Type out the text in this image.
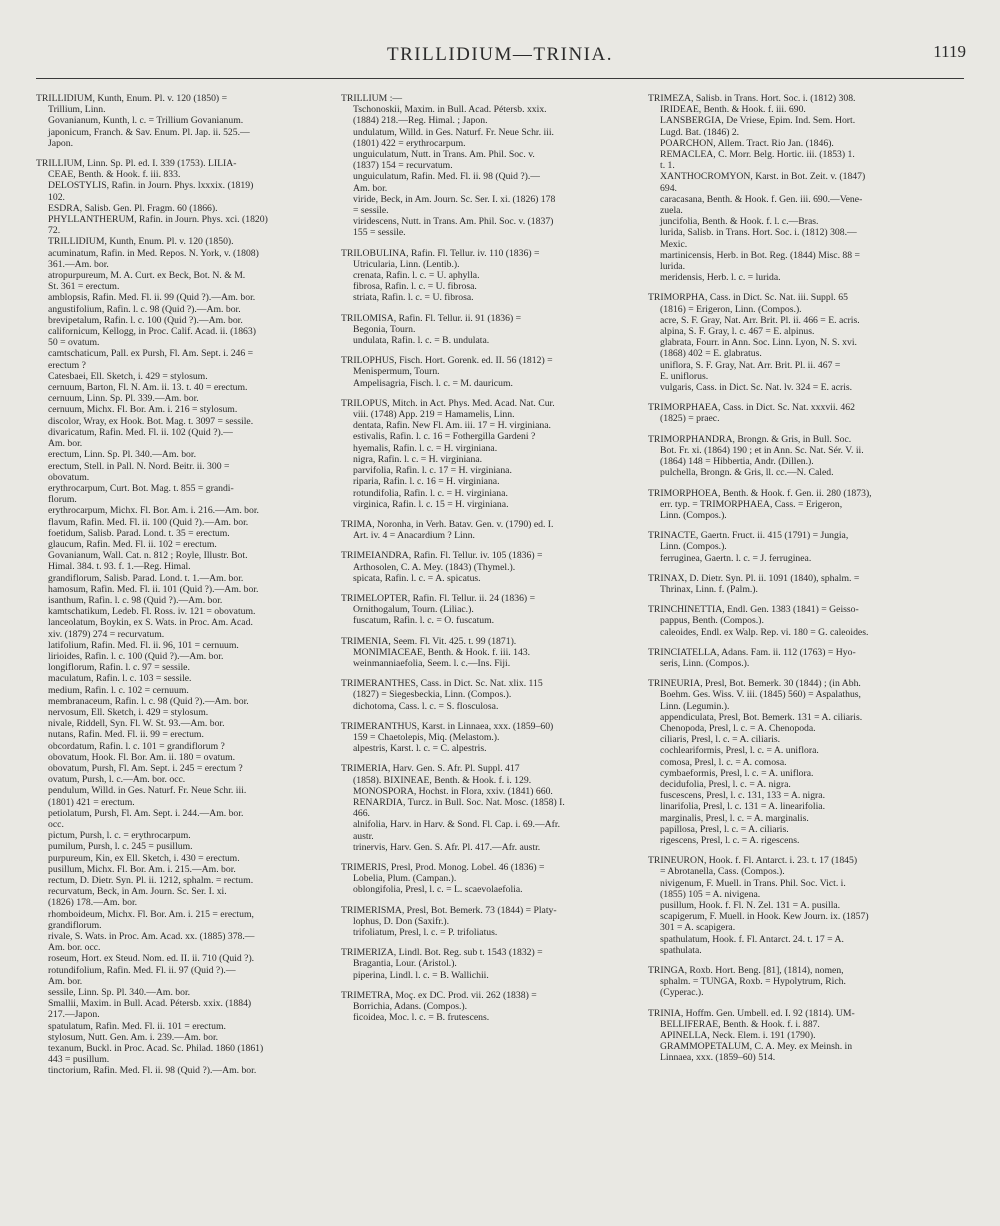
TRILLIDIUM—TRINIA.	1119
TRILLIDIUM, Kunth, Enum. Pl. v. 120 (1850) =
Trillium, Linn.
Govanianum, Kunth, l. c. = Trillium Govanianum.
japonicum, Franch. & Sav. Enum. Pl. Jap. ii. 525.—
Japon.
TRILLIUM, Linn. Sp. Pl. ed. I. 339 (1753). LILIA-
CEAE, Benth. & Hook. f. iii. 833.
DELOSTYLIS, Rafin. in Journ. Phys. lxxxix. (1819)
102.
ESDRA, Salisb. Gen. Pl. Fragm. 60 (1866).
PHYLLANTHERUM, Rafin. in Journ. Phys. xci. (1820)
72.
TRILLIDIUM, Kunth, Enum. Pl. v. 120 (1850).
acuminatum, Rafin. in Med. Repos. N. York, v. (1808)
361.—Am. bor.
atropurpureum, M. A. Curt. ex Beck, Bot. N. & M.
St. 361 = erectum.
amblopsis, Rafin. Med. Fl. ii. 99 (Quid ?).—Am. bor.
angustifolium, Rafin. l. c. 98 (Quid ?).—Am. bor.
brevipetalum, Rafin. l. c. 100 (Quid ?).—Am. bor.
californicum, Kellogg, in Proc. Calif. Acad. ii. (1863)
50 = ovatum.
camtschaticum, Pall. ex Pursh, Fl. Am. Sept. i. 246 =
erectum ?
Catesbaei, Ell. Sketch, i. 429 = stylosum.
cernuum, Barton, Fl. N. Am. ii. 13. t. 40 = erectum.
cernuum, Linn. Sp. Pl. 339.—Am. bor.
cernuum, Michx. Fl. Bor. Am. i. 216 = stylosum.
discolor, Wray, ex Hook. Bot. Mag. t. 3097 = sessile.
divaricatum, Rafin. Med. Fl. ii. 102 (Quid ?).—
Am. bor.
erectum, Linn. Sp. Pl. 340.—Am. bor.
erectum, Stell. in Pall. N. Nord. Beitr. ii. 300 =
obovatum.
erythrocarpum, Curt. Bot. Mag. t. 855 = grandi-
florum.
erythrocarpum, Michx. Fl. Bor. Am. i. 216.—Am. bor.
flavum, Rafin. Med. Fl. ii. 100 (Quid ?).—Am. bor.
foetidum, Salisb. Parad. Lond. t. 35 = erectum.
glaucum, Rafin. Med. Fl. ii. 102 = erectum.
Govanianum, Wall. Cat. n. 812 ; Royle, Illustr. Bot.
Himal. 384. t. 93. f. 1.—Reg. Himal.
grandiflorum, Salisb. Parad. Lond. t. 1.—Am. bor.
hamosum, Rafin. Med. Fl. ii. 101 (Quid ?).—Am. bor.
isanthum, Rafin. l. c. 98 (Quid ?).—Am. bor.
kamtschatikum, Ledeb. Fl. Ross. iv. 121 = obovatum.
lanceolatum, Boykin, ex S. Wats. in Proc. Am. Acad.
xiv. (1879) 274 = recurvatum.
latifolium, Rafin. Med. Fl. ii. 96, 101 = cernuum.
lirioides, Rafin. l. c. 100 (Quid ?).—Am. bor.
longiflorum, Rafin. l. c. 97 = sessile.
maculatum, Rafin. l. c. 103 = sessile.
medium, Rafin. l. c. 102 = cernuum.
membranaceum, Rafin. l. c. 98 (Quid ?).—Am. bor.
nervosum, Ell. Sketch, i. 429 = stylosum.
nivale, Riddell, Syn. Fl. W. St. 93.—Am. bor.
nutans, Rafin. Med. Fl. ii. 99 = erectum.
obcordatum, Rafin. l. c. 101 = grandiflorum ?
obovatum, Hook. Fl. Bor. Am. ii. 180 = ovatum.
obovatum, Pursh, Fl. Am. Sept. i. 245 = erectum ?
ovatum, Pursh, l. c.—Am. bor. occ.
pendulum, Willd. in Ges. Naturf. Fr. Neue Schr. iii.
(1801) 421 = erectum.
petiolatum, Pursh, Fl. Am. Sept. i. 244.—Am. bor.
occ.
pictum, Pursh, l. c. = erythrocarpum.
pumilum, Pursh, l. c. 245 = pusillum.
purpureum, Kin, ex Ell. Sketch, i. 430 = erectum.
pusillum, Michx. Fl. Bor. Am. i. 215.—Am. bor.
rectum, D. Dietr. Syn. Pl. ii. 1212, sphalm. = rectum.
recurvatum, Beck, in Am. Journ. Sc. Ser. I. xi.
(1826) 178.—Am. bor.
rhomboideum, Michx. Fl. Bor. Am. i. 215 = erectum,
grandiflorum.
rivale, S. Wats. in Proc. Am. Acad. xx. (1885) 378.—
Am. bor. occ.
roseum, Hort. ex Steud. Nom. ed. II. ii. 710 (Quid ?).
rotundifolium, Rafin. Med. Fl. ii. 97 (Quid ?).—
Am. bor.
sessile, Linn. Sp. Pl. 340.—Am. bor.
Smallii, Maxim. in Bull. Acad. Pétersb. xxix. (1884)
217.—Japon.
spatulatum, Rafin. Med. Fl. ii. 101 = erectum.
stylosum, Nutt. Gen. Am. i. 239.—Am. bor.
texanum, Buckl. in Proc. Acad. Sc. Philad. 1860 (1861)
443 = pusillum.
tinctorium, Rafin. Med. Fl. ii. 98 (Quid ?).—Am. bor.
TRILLIUM :—
Tschonoskii, Maxim. in Bull. Acad. Pétersb. xxix.
(1884) 218.—Reg. Himal. ; Japon.
undulatum, Willd. in Ges. Naturf. Fr. Neue Schr. iii.
(1801) 422 = erythrocarpum.
unguiculatum, Nutt. in Trans. Am. Phil. Soc. v.
(1837) 154 = recurvatum.
unguiculatum, Rafin. Med. Fl. ii. 98 (Quid ?).—
Am. bor.
viride, Beck, in Am. Journ. Sc. Ser. I. xi. (1826) 178
= sessile.
viridescens, Nutt. in Trans. Am. Phil. Soc. v. (1837)
155 = sessile.
TRILOBULINA, Rafin. Fl. Tellur. iv. 110 (1836) =
Utricularia, Linn. (Lentib.).
crenata, Rafin. l. c. = U. aphylla.
fibrosa, Rafin. l. c. = U. fibrosa.
striata, Rafin. l. c. = U. fibrosa.
TRILOMISA, Rafin. Fl. Tellur. ii. 91 (1836) =
Begonia, Tourn.
undulata, Rafin. l. c. = B. undulata.
TRILOPHUS, Fisch. Hort. Gorenk. ed. II. 56 (1812) =
Menispermum, Tourn.
Ampelisagria, Fisch. l. c. = M. dauricum.
TRILOPUS, Mitch. in Act. Phys. Med. Acad. Nat. Cur.
viii. (1748) App. 219 = Hamamelis, Linn.
dentata, Rafin. New Fl. Am. iii. 17 = H. virginiana.
estivalis, Rafin. l. c. 16 = Fothergilla Gardeni ?
hyemalis, Rafin. l. c. = H. virginiana.
nigra, Rafin. l. c. = H. virginiana.
parvifolia, Rafin. l. c. 17 = H. virginiana.
riparia, Rafin. l. c. 16 = H. virginiana.
rotundifolia, Rafin. l. c. = H. virginiana.
virginica, Rafin. l. c. 15 = H. virginiana.
TRIMA, Noronha, in Verh. Batav. Gen. v. (1790) ed. I.
Art. iv. 4 = Anacardium ? Linn.
TRIMEIANDRA, Rafin. Fl. Tellur. iv. 105 (1836) =
Arthosolen, C. A. Mey. (1843) (Thymel.).
spicata, Rafin. l. c. = A. spicatus.
TRIMELOPTER, Rafin. Fl. Tellur. ii. 24 (1836) =
Ornithogalum, Tourn. (Liliac.).
fuscatum, Rafin. l. c. = O. fuscatum.
TRIMENIA, Seem. Fl. Vit. 425. t. 99 (1871).
MONIMIACEAE, Benth. & Hook. f. iii. 143.
weinmanniaefolia, Seem. l. c.—Ins. Fiji.
TRIMERANTHES, Cass. in Dict. Sc. Nat. xlix. 115
(1827) = Siegesbeckia, Linn. (Compos.).
dichotoma, Cass. l. c. = S. flosculosa.
TRIMERANTHUS, Karst. in Linnaea, xxx. (1859–60)
159 = Chaetolepis, Miq. (Melastom.).
alpestris, Karst. l. c. = C. alpestris.
TRIMERIA, Harv. Gen. S. Afr. Pl. Suppl. 417
(1858). BIXINEAE, Benth. & Hook. f. i. 129.
MONOSPORA, Hochst. in Flora, xxiv. (1841) 660.
RENARDIA, Turcz. in Bull. Soc. Nat. Mosc. (1858) I.
466.
alnifolia, Harv. in Harv. & Sond. Fl. Cap. i. 69.—Afr.
austr.
trinervis, Harv. Gen. S. Afr. Pl. 417.—Afr. austr.
TRIMERIS, Presl, Prod. Monog. Lobel. 46 (1836) =
Lobelia, Plum. (Campan.).
oblongifolia, Presl, l. c. = L. scaevolaefolia.
TRIMERISMA, Presl, Bot. Bemerk. 73 (1844) = Platy-
lophus, D. Don (Saxifr.).
trifoliatum, Presl, l. c. = P. trifoliatus.
TRIMERIZA, Lindl. Bot. Reg. sub t. 1543 (1832) =
Bragantia, Lour. (Aristol.).
piperina, Lindl. l. c. = B. Wallichii.
TRIMETRA, Moç. ex DC. Prod. vii. 262 (1838) =
Borrichia, Adans. (Compos.).
ficoidea, Moc. l. c. = B. frutescens.
TRIMEZA, Salisb. in Trans. Hort. Soc. i. (1812) 308.
IRIDEAE, Benth. & Hook. f. iii. 690.
LANSBERGIA, De Vriese, Epim. Ind. Sem. Hort.
Lugd. Bat. (1846) 2.
POARCHON, Allem. Tract. Rio Jan. (1846).
REMACLEA, C. Morr. Belg. Hortic. iii. (1853) 1.
t. 1.
XANTHOCROMYON, Karst. in Bot. Zeit. v. (1847)
694.
caracasana, Benth. & Hook. f. Gen. iii. 690.—Vene-
zuela.
juncifolia, Benth. & Hook. f. l. c.—Bras.
lurida, Salisb. in Trans. Hort. Soc. i. (1812) 308.—
Mexic.
martinicensis, Herb. in Bot. Reg. (1844) Misc. 88 =
lurida.
meridensis, Herb. l. c. = lurida.
TRIMORPHA, Cass. in Dict. Sc. Nat. iii. Suppl. 65
(1816) = Erigeron, Linn. (Compos.).
acre, S. F. Gray, Nat. Arr. Brit. Pl. ii. 466 = E. acris.
alpina, S. F. Gray, l. c. 467 = E. alpinus.
glabrata, Fourr. in Ann. Soc. Linn. Lyon, N. S. xvi.
(1868) 402 = E. glabratus.
uniflora, S. F. Gray, Nat. Arr. Brit. Pl. ii. 467 =
E. uniflorus.
vulgaris, Cass. in Dict. Sc. Nat. lv. 324 = E. acris.
TRIMORPHAEA, Cass. in Dict. Sc. Nat. xxxvii. 462
(1825) = praec.
TRIMORPHANDRA, Brongn. & Gris, in Bull. Soc.
Bot. Fr. xi. (1864) 190 ; et in Ann. Sc. Nat. Sér. V. ii.
(1864) 148 = Hibbertia, Andr. (Dillen.).
pulchella, Brongn. & Gris, ll. cc.—N. Caled.
TRIMORPHOEA, Benth. & Hook. f. Gen. ii. 280 (1873),
err. typ. = TRIMORPHAEA, Cass. = Erigeron,
Linn. (Compos.).
TRINACTE, Gaertn. Fruct. ii. 415 (1791) = Jungia,
Linn. (Compos.).
ferruginea, Gaertn. l. c. = J. ferruginea.
TRINAX, D. Dietr. Syn. Pl. ii. 1091 (1840), sphalm. =
Thrinax, Linn. f. (Palm.).
TRINCHINETTIA, Endl. Gen. 1383 (1841) = Geisso-
pappus, Benth. (Compos.).
caleoides, Endl. ex Walp. Rep. vi. 180 = G. caleoides.
TRINCIATELLA, Adans. Fam. ii. 112 (1763) = Hyo-
seris, Linn. (Compos.).
TRINEURIA, Presl, Bot. Bemerk. 30 (1844) ; (in Abh.
Boehm. Ges. Wiss. V. iii. (1845) 560) = Aspalathus,
Linn. (Legumin.).
appendiculata, Presl, Bot. Bemerk. 131 = A. ciliaris.
Chenopoda, Presl, l. c. = A. Chenopoda.
ciliaris, Presl, l. c. = A. ciliaris.
cochleariformis, Presl, l. c. = A. uniflora.
comosa, Presl, l. c. = A. comosa.
cymbaeformis, Presl, l. c. = A. uniflora.
decidufolia, Presl, l. c. = A. nigra.
fuscescens, Presl, l. c. 131, 133 = A. nigra.
linarifolia, Presl, l. c. 131 = A. linearifolia.
marginalis, Presl, l. c. = A. marginalis.
papillosa, Presl, l. c. = A. ciliaris.
rigescens, Presl, l. c. = A. rigescens.
TRINEURON, Hook. f. Fl. Antarct. i. 23. t. 17 (1845)
= Abrotanella, Cass. (Compos.).
nivigenum, F. Muell. in Trans. Phil. Soc. Vict. i.
(1855) 105 = A. nivigena.
pusillum, Hook. f. Fl. N. Zel. 131 = A. pusilla.
scapigerum, F. Muell. in Hook. Kew Journ. ix. (1857)
301 = A. scapigera.
spathulatum, Hook. f. Fl. Antarct. 24. t. 17 = A.
spathulata.
TRINGA, Roxb. Hort. Beng. [81], (1814), nomen,
sphalm. = TUNGA, Roxb. = Hypolytrum, Rich.
(Cyperac.).
TRINIA, Hoffm. Gen. Umbell. ed. I. 92 (1814). UM-
BELLIFERAE, Benth. & Hook. f. i. 887.
APINELLA, Neck. Elem. i. 191 (1790).
GRAMMOPETALUM, C. A. Mey. ex Meinsh. in
Linnaea, xxx. (1859–60) 514.
